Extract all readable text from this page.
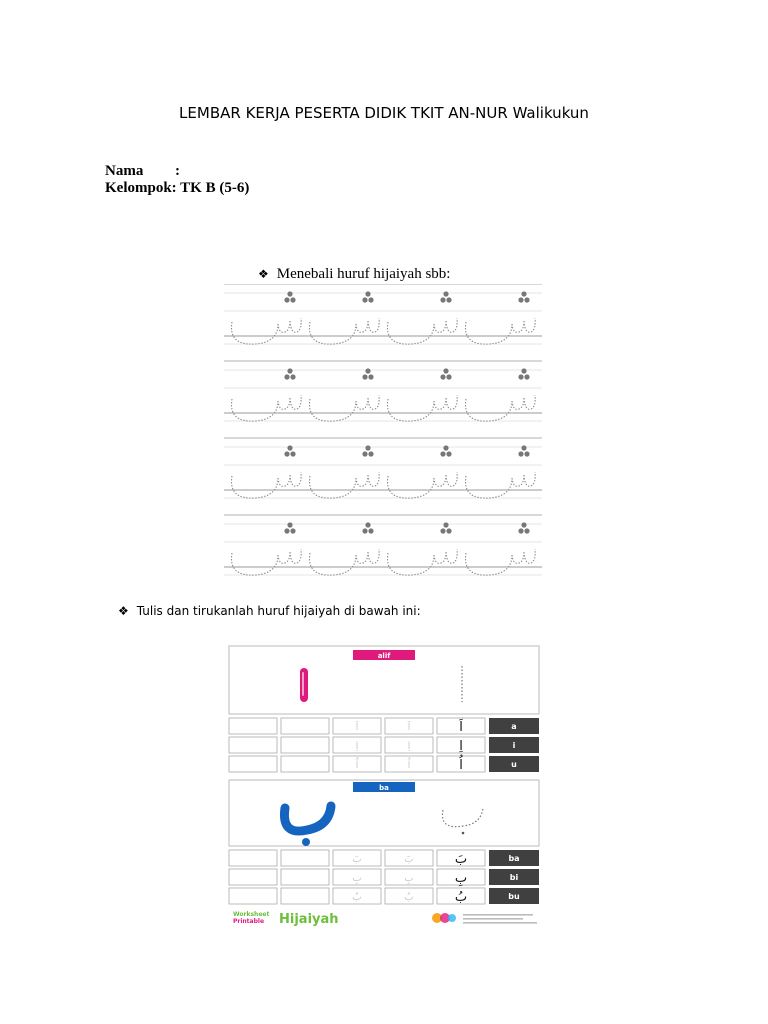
LEMBAR KERJA PESERTA DIDIK TKIT AN-NUR Walikukun
Nama :
Kelompok: TK B (5-6)
❖ Menebali huruf hijaiyah sbb:
❖ Tulis dan tirukanlah huruf hijaiyah di bawah ini:
alif
اَ	اَ	اَ	a
اِ	اِ	اِ	i
اُ	اُ	اُ	u
ba
بَ	بَ	بَ	ba
بِ	بِ	بِ	bi
بُ	بُ	بُ	bu
Worksheet
Printable Hijaiyah
